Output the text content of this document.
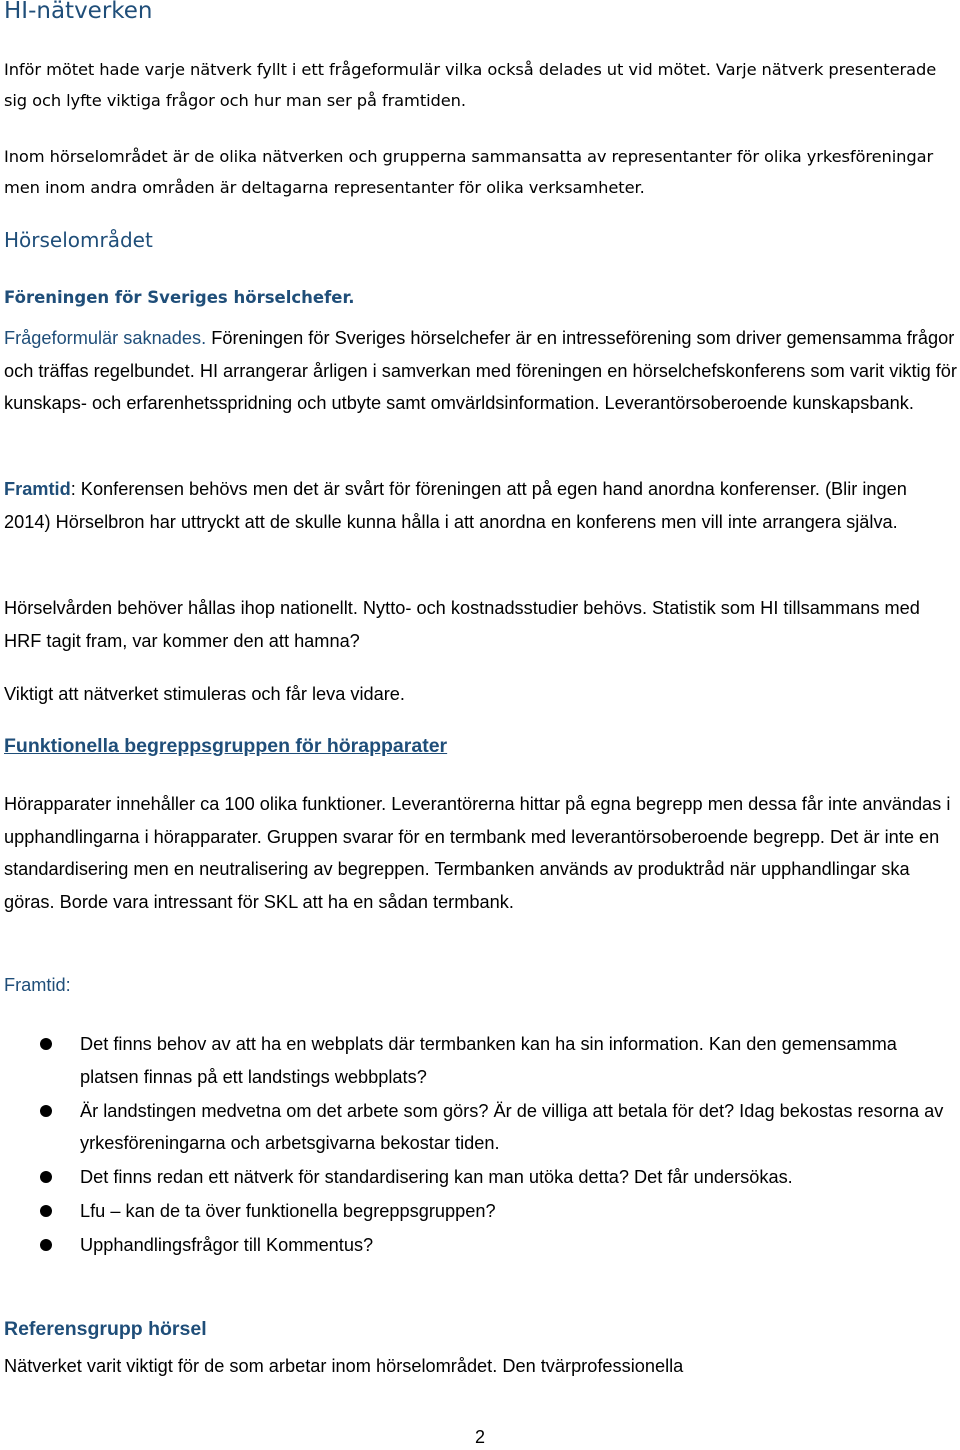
HI-nätverken

Inför mötet hade varje nätverk fyllt i ett frågeformulär vilka också delades ut vid mötet. Varje nätverk presenterade sig och lyfte viktiga frågor och hur man ser på framtiden.

Inom hörselområdet är de olika nätverken och grupperna sammansatta av representanter för olika yrkesföreningar men inom andra områden är deltagarna representanter för olika verksamheter.

Hörselområdet
Föreningen för Sveriges hörselchefer.

Frågeformulär saknades. Föreningen för Sveriges hörselchefer är en intresseförening som driver gemensamma frågor och träffas regelbundet. HI arrangerar årligen i samverkan med föreningen en hörselchefskonferens som varit viktig för kunskaps- och erfarenhetsspridning och utbyte samt omvärldsinformation. Leverantörsoberoende kunskapsbank.

Framtid: Konferensen behövs men det är svårt för föreningen att på egen hand anordna konferenser. (Blir ingen 2014) Hörselbron har uttryckt att de skulle kunna hålla i att anordna en konferens men vill inte arrangera själva.

Hörselvården behöver hållas ihop nationellt. Nytto- och kostnadsstudier behövs. Statistik som HI tillsammans med HRF tagit fram, var kommer den att hamna?

Viktigt att nätverket stimuleras och får leva vidare.

Funktionella begreppsgruppen för hörapparater

Hörapparater innehåller ca 100 olika funktioner. Leverantörerna hittar på egna begrepp men dessa får inte användas i upphandlingarna i hörapparater. Gruppen svarar för en termbank med leverantörsoberoende begrepp. Det är inte en standardisering men en neutralisering av begreppen. Termbanken används av produktråd när upphandlingar ska göras. Borde vara intressant för SKL att ha en sådan termbank.

Framtid:

Det finns behov av att ha en webplats där termbanken kan ha sin information. Kan den gemensamma platsen finnas på ett landstings webbplats?
Är landstingen medvetna om det arbete som görs? Är de villiga att betala för det? Idag bekostas resorna av yrkesföreningarna och arbetsgivarna bekostar tiden.
Det finns redan ett nätverk för standardisering kan man utöka detta? Det får undersökas.
Lfu – kan de ta över funktionella begreppsgruppen?
Upphandlingsfrågor till Kommentus?
Referensgrupp hörsel

Nätverket varit viktigt för de som arbetar inom hörselområdet. Den tvärprofessionella

2
